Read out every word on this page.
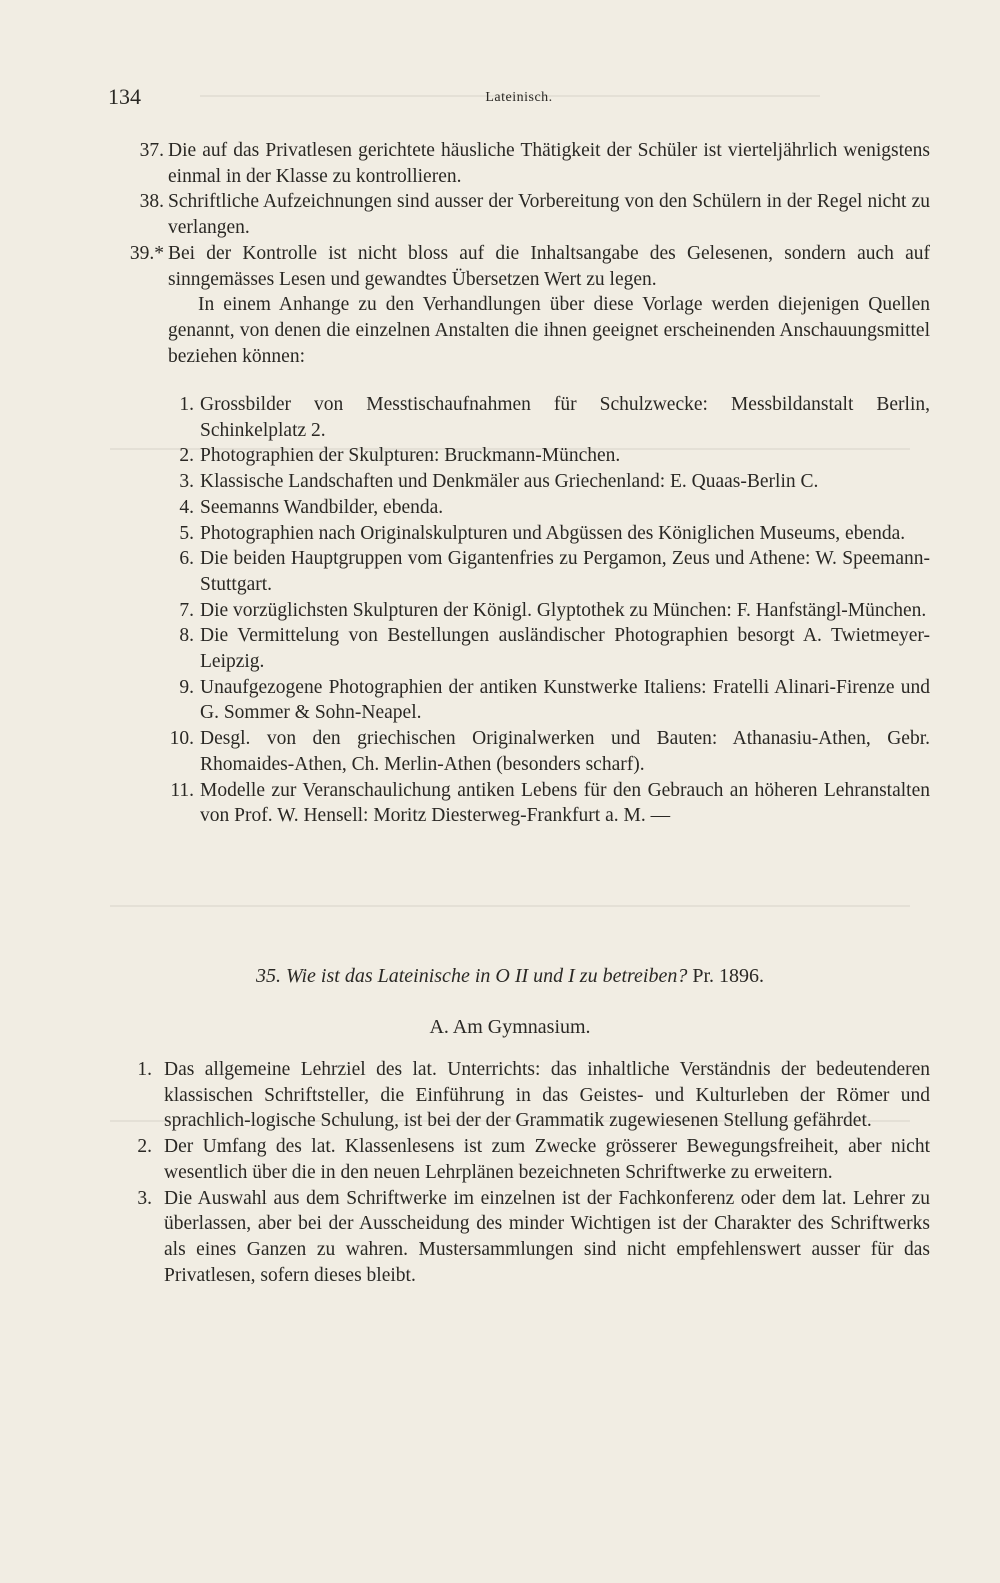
134	Lateinisch.
37. Die auf das Privatlesen gerichtete häusliche Thätigkeit der Schüler ist vierteljährlich wenigstens einmal in der Klasse zu kontrollieren.
38. Schriftliche Aufzeichnungen sind ausser der Vorbereitung von den Schülern in der Regel nicht zu verlangen.
39.* Bei der Kontrolle ist nicht bloss auf die Inhaltsangabe des Gelesenen, sondern auch auf sinngemässes Lesen und gewandtes Übersetzen Wert zu legen.
In einem Anhange zu den Verhandlungen über diese Vorlage werden diejenigen Quellen genannt, von denen die einzelnen Anstalten die ihnen geeignet erscheinenden Anschauungsmittel beziehen können:
1. Grossbilder von Messtischaufnahmen für Schulzwecke: Messbildanstalt Berlin, Schinkelplatz 2.
2. Photographien der Skulpturen: Bruckmann-München.
3. Klassische Landschaften und Denkmäler aus Griechenland: E. Quaas-Berlin C.
4. Seemanns Wandbilder, ebenda.
5. Photographien nach Originalskulpturen und Abgüssen des Königlichen Museums, ebenda.
6. Die beiden Hauptgruppen vom Gigantenfries zu Pergamon, Zeus und Athene: W. Speemann-Stuttgart.
7. Die vorzüglichsten Skulpturen der Königl. Glyptothek zu München: F. Hanfstängl-München.
8. Die Vermittelung von Bestellungen ausländischer Photographien besorgt A. Twietmeyer-Leipzig.
9. Unaufgezogene Photographien der antiken Kunstwerke Italiens: Fratelli Alinari-Firenze und G. Sommer & Sohn-Neapel.
10. Desgl. von den griechischen Originalwerken und Bauten: Athanasiu-Athen, Gebr. Rhomaides-Athen, Ch. Merlin-Athen (besonders scharf).
11. Modelle zur Veranschaulichung antiken Lebens für den Gebrauch an höheren Lehranstalten von Prof. W. Hensell: Moritz Diesterweg-Frankfurt a. M. —
35. Wie ist das Lateinische in O II und I zu betreiben? Pr. 1896.
A. Am Gymnasium.
1. Das allgemeine Lehrziel des lat. Unterrichts: das inhaltliche Verständnis der bedeutenderen klassischen Schriftsteller, die Einführung in das Geistes- und Kulturleben der Römer und sprachlich-logische Schulung, ist bei der der Grammatik zugewiesenen Stellung gefährdet.
2. Der Umfang des lat. Klassenlesens ist zum Zwecke grösserer Bewegungsfreiheit, aber nicht wesentlich über die in den neuen Lehrplänen bezeichneten Schriftwerke zu erweitern.
3. Die Auswahl aus dem Schriftwerke im einzelnen ist der Fachkonferenz oder dem lat. Lehrer zu überlassen, aber bei der Ausscheidung des minder Wichtigen ist der Charakter des Schriftwerks als eines Ganzen zu wahren. Mustersammlungen sind nicht empfehlenswert ausser für das Privatlesen, sofern dieses bleibt.
